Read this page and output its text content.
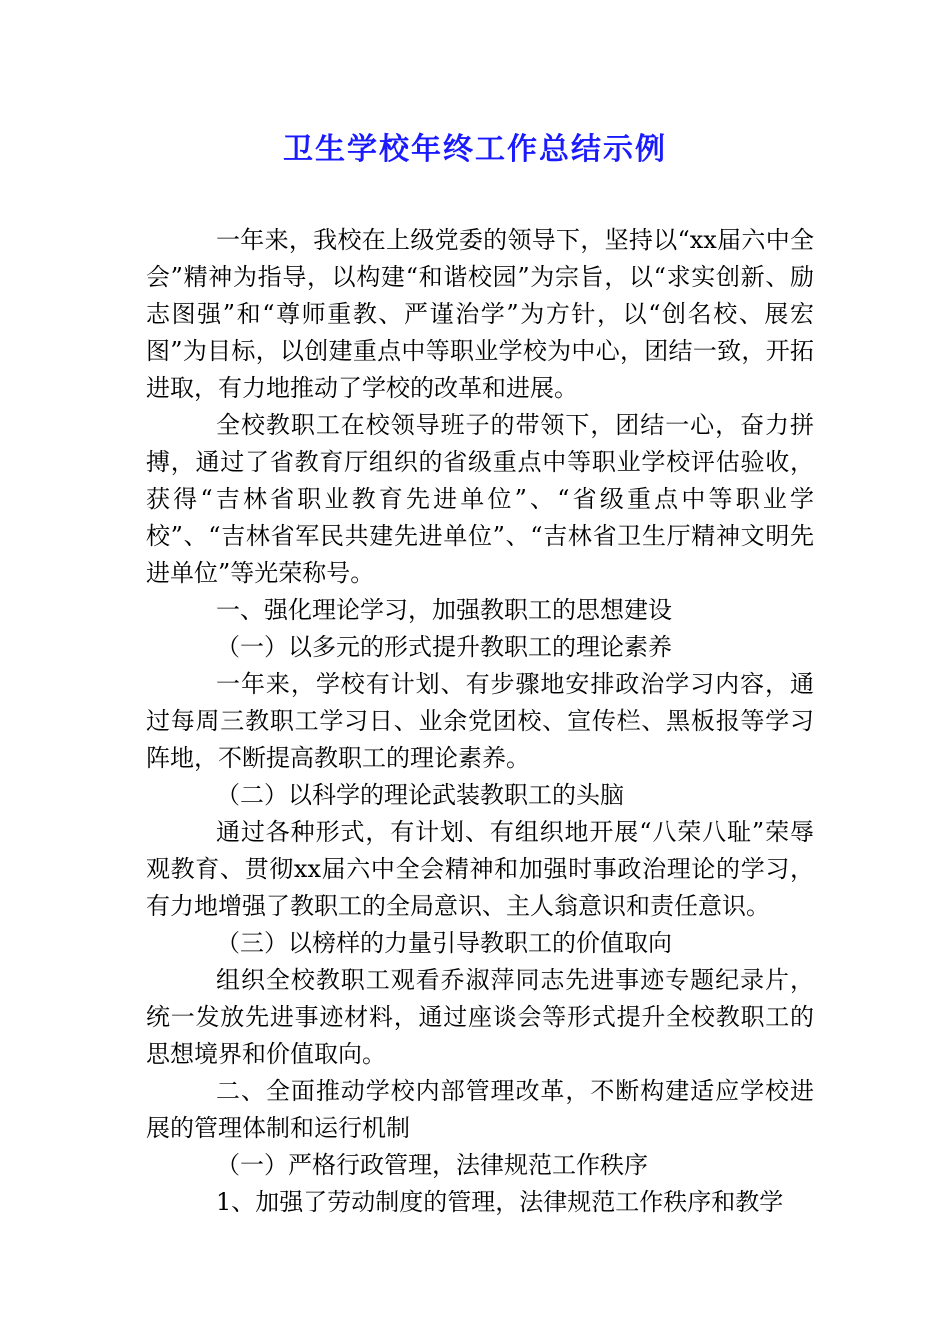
卫生学校年终工作总结示例

一年来，我校在上级党委的领导下，坚持以“xx届六中全会”精神为指导，以构建“和谐校园”为宗旨，以“求实创新、励志图强”和“尊师重教、严谨治学”为方针，以“创名校、展宏图”为目标，以创建重点中等职业学校为中心，团结一致，开拓进取，有力地推动了学校的改革和进展。

全校教职工在校领导班子的带领下，团结一心，奋力拼搏，通过了省教育厅组织的省级重点中等职业学校评估验收，获得“吉林省职业教育先进单位”、“省级重点中等职业学校”、“吉林省军民共建先进单位”、“吉林省卫生厅精神文明先进单位”等光荣称号。

一、强化理论学习，加强教职工的思想建设

（一）以多元的形式提升教职工的理论素养

一年来，学校有计划、有步骤地安排政治学习内容，通过每周三教职工学习日、业余党团校、宣传栏、黑板报等学习阵地，不断提高教职工的理论素养。

（二）以科学的理论武装教职工的头脑

通过各种形式，有计划、有组织地开展“八荣八耻”荣辱观教育、贯彻xx届六中全会精神和加强时事政治理论的学习，有力地增强了教职工的全局意识、主人翁意识和责任意识。

（三）以榜样的力量引导教职工的价值取向

组织全校教职工观看乔淑萍同志先进事迹专题纪录片，统一发放先进事迹材料，通过座谈会等形式提升全校教职工的思想境界和价值取向。

二、全面推动学校内部管理改革，不断构建适应学校进展的管理体制和运行机制

（一）严格行政管理，法律规范工作秩序

1、加强了劳动制度的管理，法律规范工作秩序和教学
